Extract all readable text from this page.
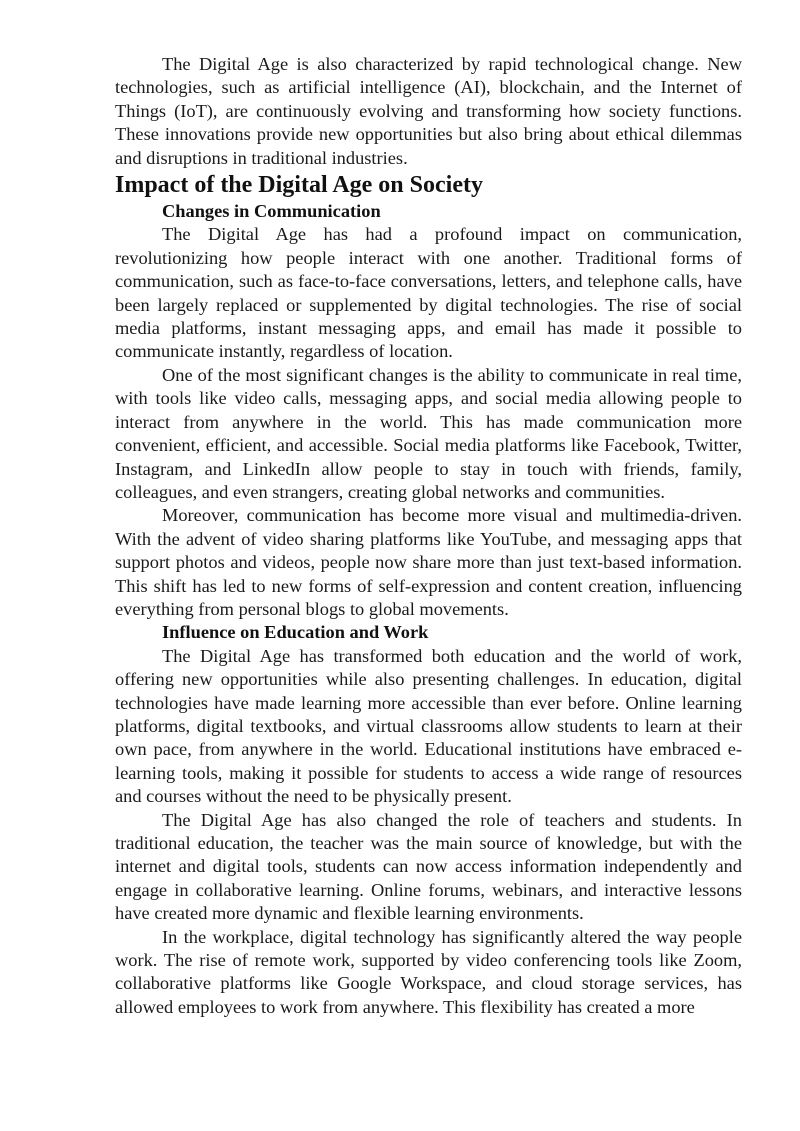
The Digital Age is also characterized by rapid technological change. New technologies, such as artificial intelligence (AI), blockchain, and the Internet of Things (IoT), are continuously evolving and transforming how society functions. These innovations provide new opportunities but also bring about ethical dilemmas and disruptions in traditional industries.

Impact of the Digital Age on Society
Changes in Communication

The Digital Age has had a profound impact on communication, revolutionizing how people interact with one another. Traditional forms of communication, such as face-to-face conversations, letters, and telephone calls, have been largely replaced or supplemented by digital technologies. The rise of social media platforms, instant messaging apps, and email has made it possible to communicate instantly, regardless of location.

One of the most significant changes is the ability to communicate in real time, with tools like video calls, messaging apps, and social media allowing people to interact from anywhere in the world. This has made communication more convenient, efficient, and accessible. Social media platforms like Facebook, Twitter, Instagram, and LinkedIn allow people to stay in touch with friends, family, colleagues, and even strangers, creating global networks and communities.

Moreover, communication has become more visual and multimedia-driven. With the advent of video sharing platforms like YouTube, and messaging apps that support photos and videos, people now share more than just text-based information. This shift has led to new forms of self-expression and content creation, influencing everything from personal blogs to global movements.

Influence on Education and Work

The Digital Age has transformed both education and the world of work, offering new opportunities while also presenting challenges. In education, digital technologies have made learning more accessible than ever before. Online learning platforms, digital textbooks, and virtual classrooms allow students to learn at their own pace, from anywhere in the world. Educational institutions have embraced e-learning tools, making it possible for students to access a wide range of resources and courses without the need to be physically present.

The Digital Age has also changed the role of teachers and students. In traditional education, the teacher was the main source of knowledge, but with the internet and digital tools, students can now access information independently and engage in collaborative learning. Online forums, webinars, and interactive lessons have created more dynamic and flexible learning environments.

In the workplace, digital technology has significantly altered the way people work. The rise of remote work, supported by video conferencing tools like Zoom, collaborative platforms like Google Workspace, and cloud storage services, has allowed employees to work from anywhere. This flexibility has created a more
